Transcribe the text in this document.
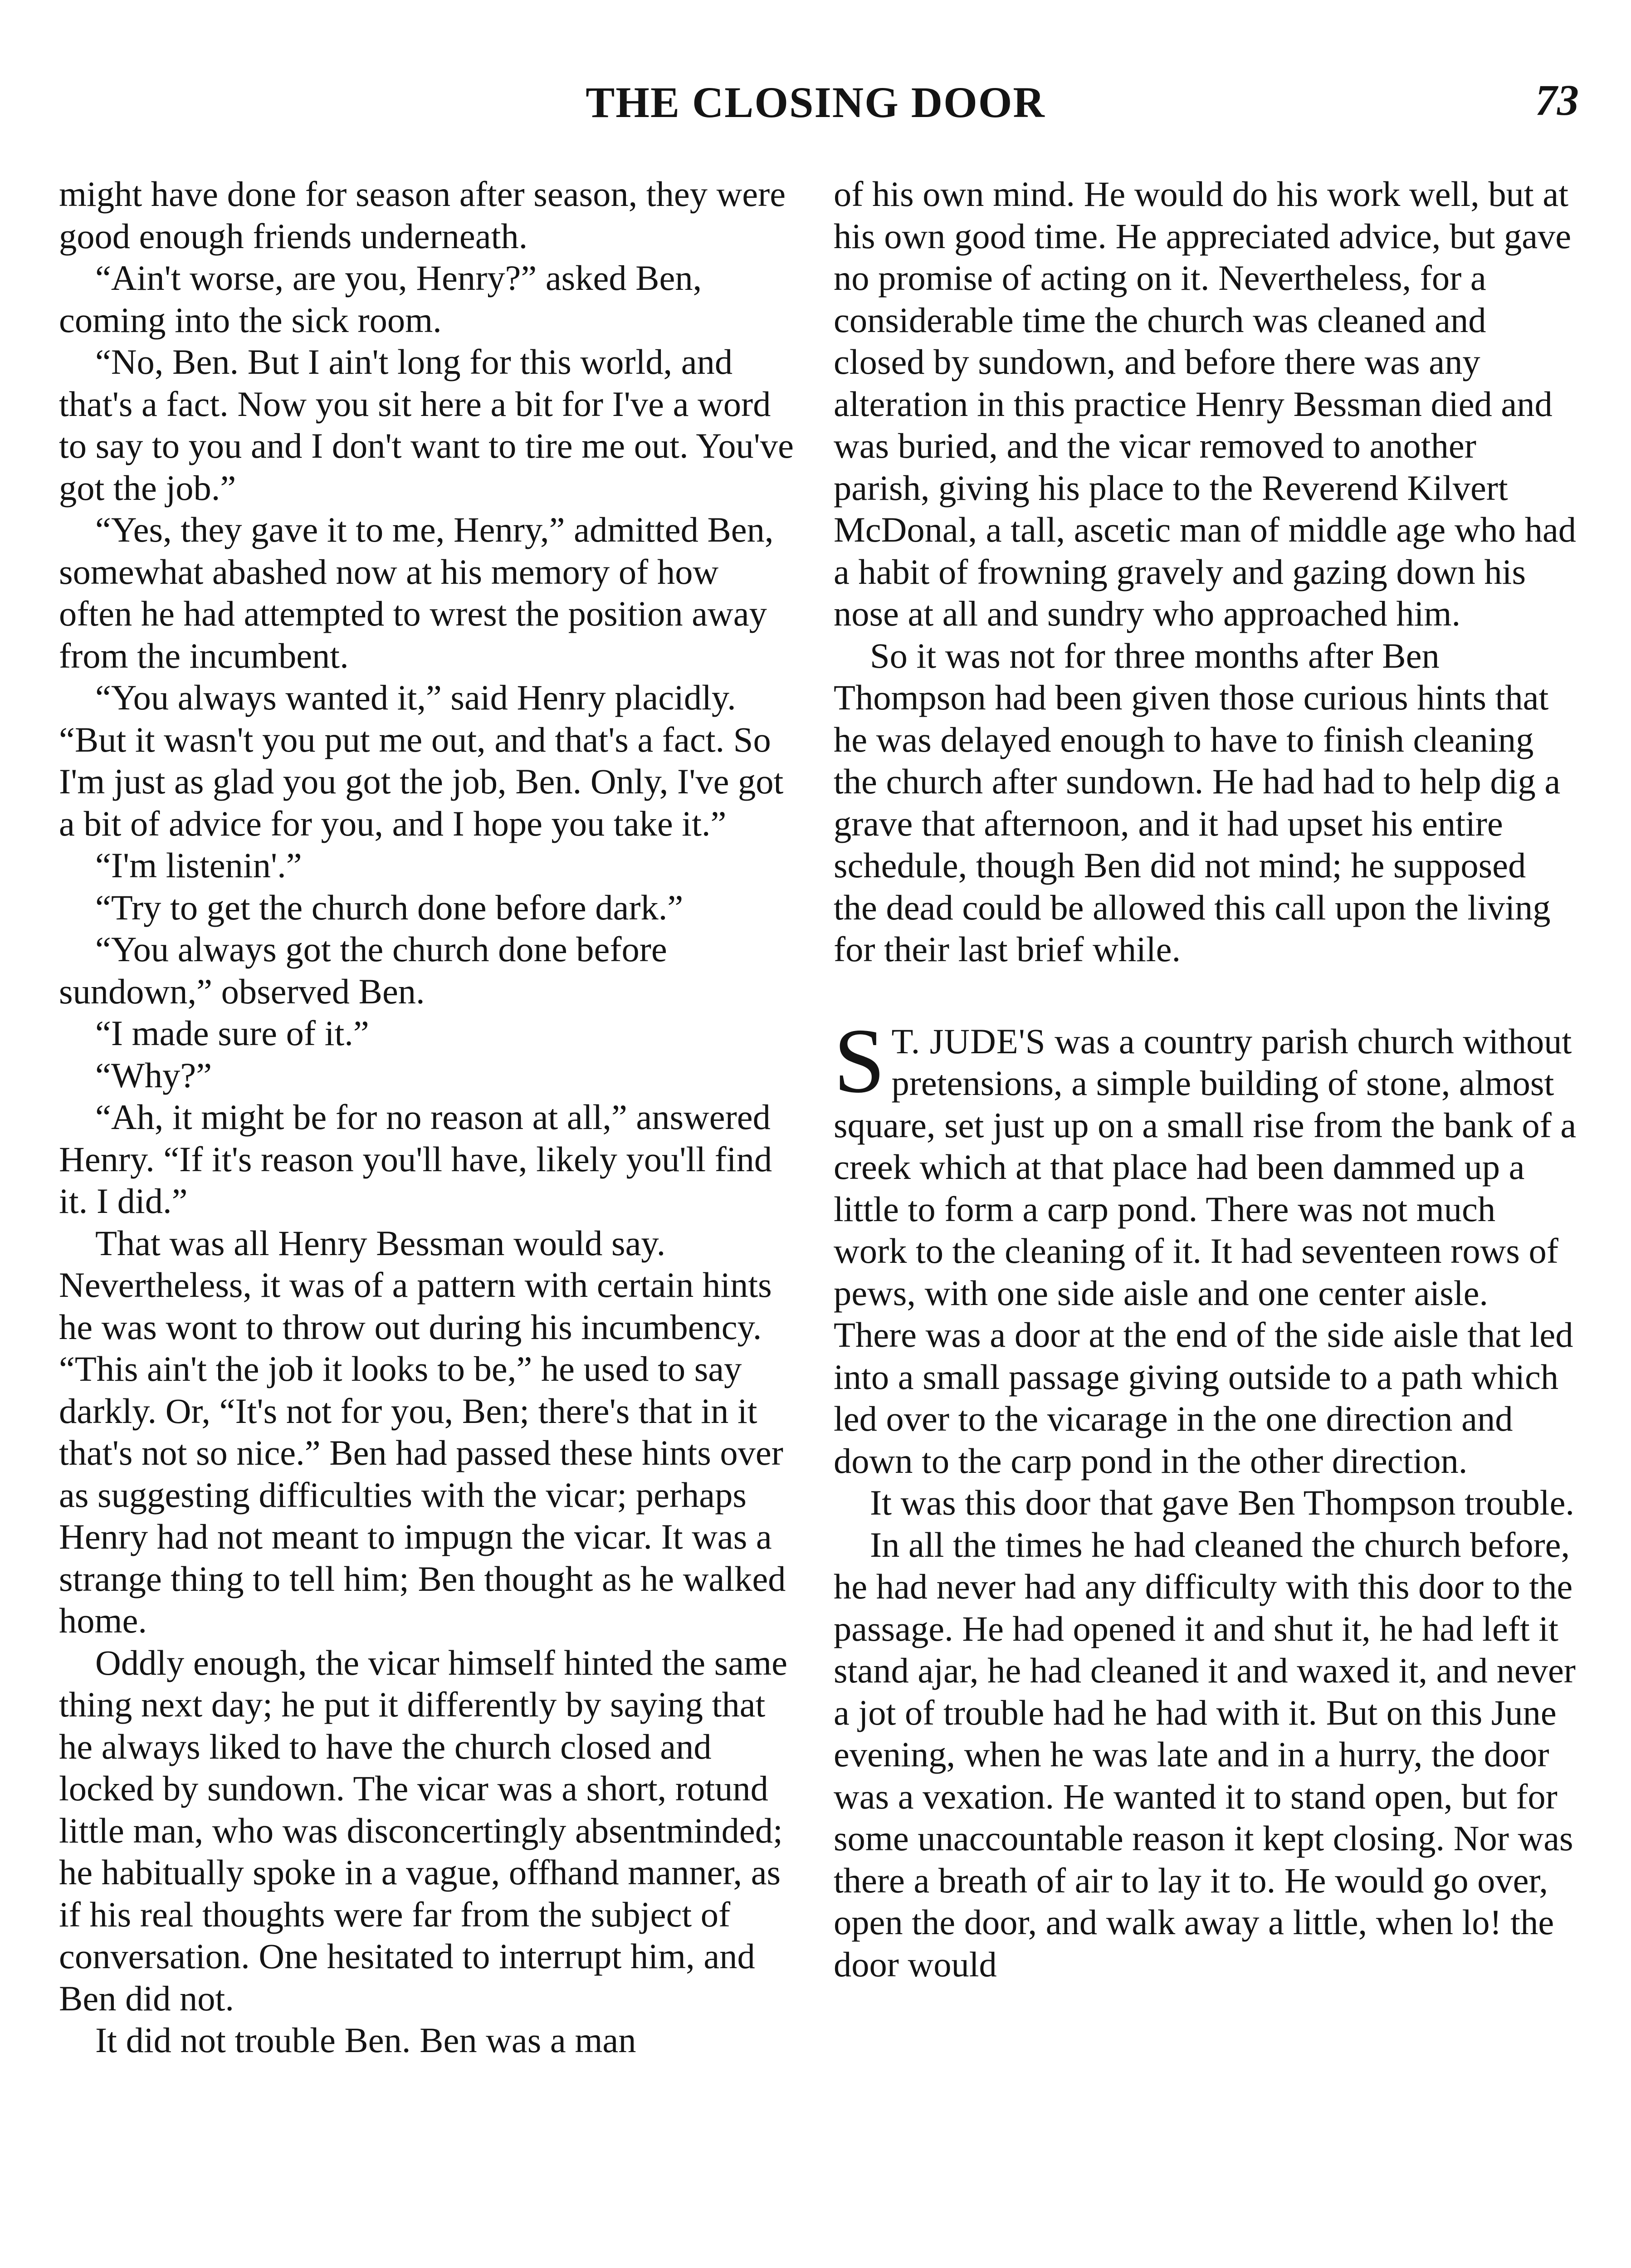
THE CLOSING DOOR	73

might have done for season after season, they were good enough friends underneath.

“Ain't worse, are you, Henry?” asked Ben, coming into the sick room.

“No, Ben. But I ain't long for this world, and that's a fact. Now you sit here a bit for I've a word to say to you and I don't want to tire me out. You've got the job.”

“Yes, they gave it to me, Henry,” admitted Ben, somewhat abashed now at his memory of how often he had attempted to wrest the position away from the incumbent.

“You always wanted it,” said Henry placidly. “But it wasn't you put me out, and that's a fact. So I'm just as glad you got the job, Ben. Only, I've got a bit of advice for you, and I hope you take it.”

“I'm listenin'.”

“Try to get the church done before dark.”

“You always got the church done before sundown,” observed Ben.

“I made sure of it.”

“Why?”

“Ah, it might be for no reason at all,” answered Henry. “If it's reason you'll have, likely you'll find it. I did.”

That was all Henry Bessman would say. Nevertheless, it was of a pattern with certain hints he was wont to throw out during his incumbency. “This ain't the job it looks to be,” he used to say darkly. Or, “It's not for you, Ben; there's that in it that's not so nice.” Ben had passed these hints over as suggesting difficulties with the vicar; perhaps Henry had not meant to impugn the vicar. It was a strange thing to tell him; Ben thought as he walked home.

Oddly enough, the vicar himself hinted the same thing next day; he put it differently by saying that he always liked to have the church closed and locked by sundown. The vicar was a short, rotund little man, who was disconcertingly absentminded; he habitually spoke in a vague, offhand manner, as if his real thoughts were far from the subject of conversation. One hesitated to interrupt him, and Ben did not.

It did not trouble Ben. Ben was a man

of his own mind. He would do his work well, but at his own good time. He appreciated advice, but gave no promise of acting on it. Nevertheless, for a considerable time the church was cleaned and closed by sundown, and before there was any alteration in this practice Henry Bessman died and was buried, and the vicar removed to another parish, giving his place to the Reverend Kilvert McDonal, a tall, ascetic man of middle age who had a habit of frowning gravely and gazing down his nose at all and sundry who approached him.

So it was not for three months after Ben Thompson had been given those curious hints that he was delayed enough to have to finish cleaning the church after sundown. He had had to help dig a grave that afternoon, and it had upset his entire schedule, though Ben did not mind; he supposed the dead could be allowed this call upon the living for their last brief while.

S T. JUDE'S was a country parish church without pretensions, a simple building of stone, almost square, set just up on a small rise from the bank of a creek which at that place had been dammed up a little to form a carp pond. There was not much work to the cleaning of it. It had seventeen rows of pews, with one side aisle and one center aisle. There was a door at the end of the side aisle that led into a small passage giving outside to a path which led over to the vicarage in the one direction and down to the carp pond in the other direction.

It was this door that gave Ben Thompson trouble.

In all the times he had cleaned the church before, he had never had any difficulty with this door to the passage. He had opened it and shut it, he had left it stand ajar, he had cleaned it and waxed it, and never a jot of trouble had he had with it. But on this June evening, when he was late and in a hurry, the door was a vexation. He wanted it to stand open, but for some unaccountable reason it kept closing. Nor was there a breath of air to lay it to. He would go over, open the door, and walk away a little, when lo! the door would
